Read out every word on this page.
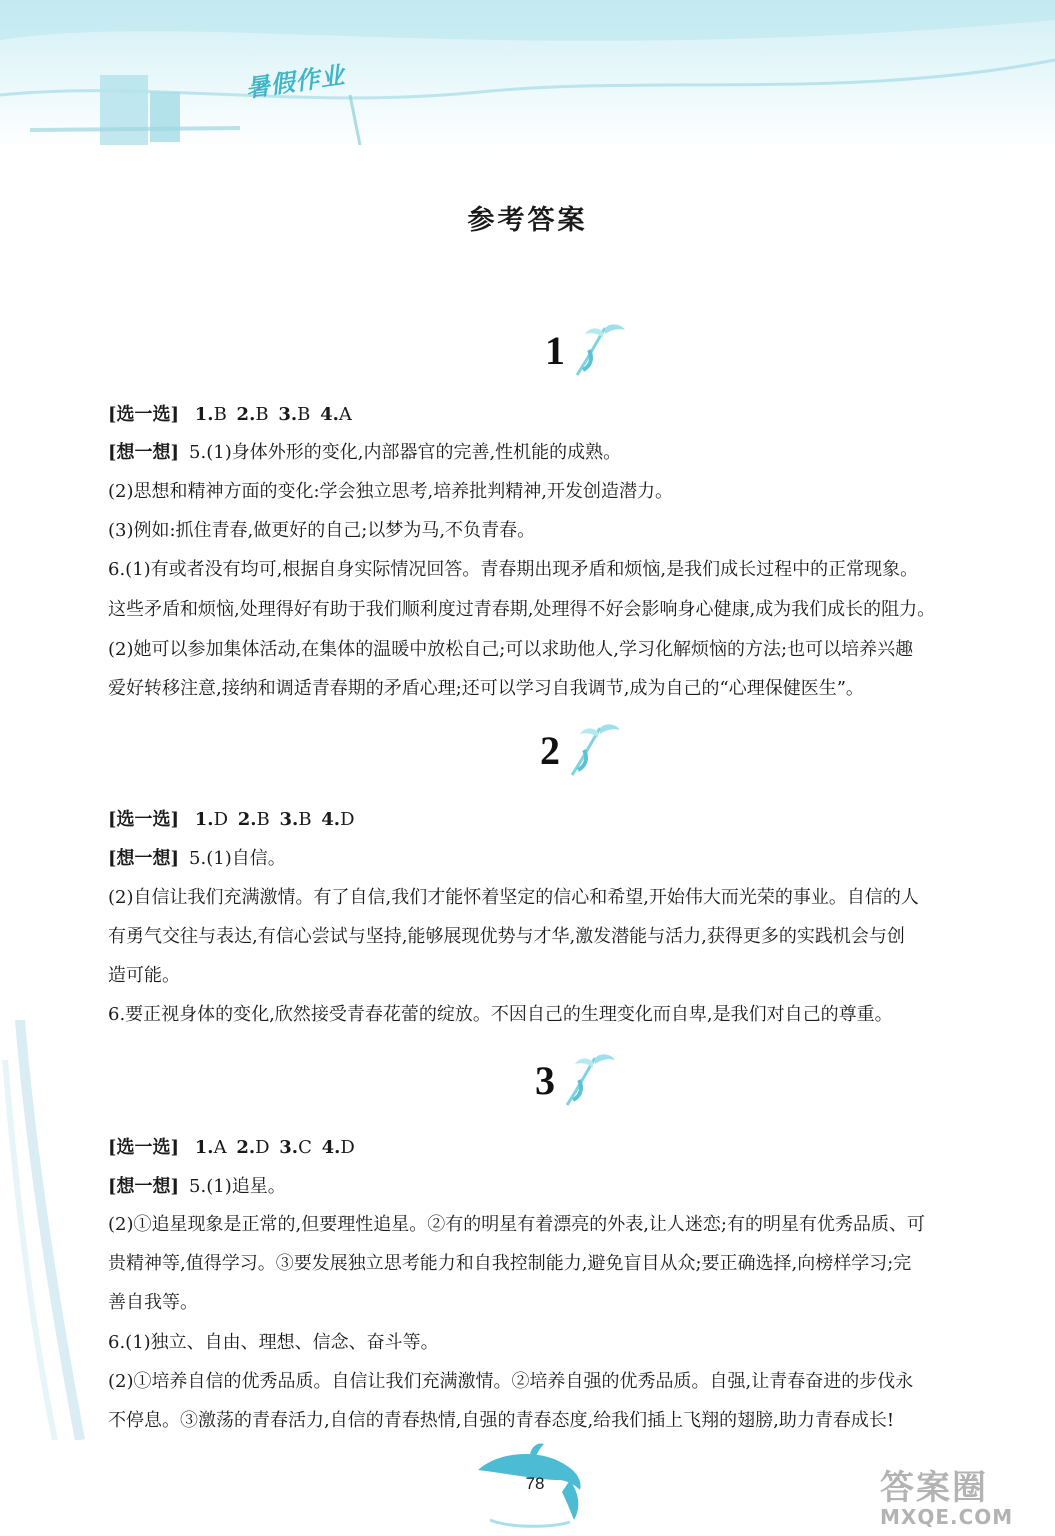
暑假作业
参考答案
1
[选一选] 1.B 2.B 3.B 4.A
[想一想] 5.(1)身体外形的变化,内部器官的完善,性机能的成熟。
(2)思想和精神方面的变化:学会独立思考,培养批判精神,开发创造潜力。
(3)例如:抓住青春,做更好的自己;以梦为马,不负青春。
6.(1)有或者没有均可,根据自身实际情况回答。青春期出现矛盾和烦恼,是我们成长过程中的正常现象。
这些矛盾和烦恼,处理得好有助于我们顺利度过青春期,处理得不好会影响身心健康,成为我们成长的阻力。
(2)她可以参加集体活动,在集体的温暖中放松自己;可以求助他人,学习化解烦恼的方法;也可以培养兴趣
爱好转移注意,接纳和调适青春期的矛盾心理;还可以学习自我调节,成为自己的“心理保健医生”。
2
[选一选] 1.D 2.B 3.B 4.D
[想一想] 5.(1)自信。
(2)自信让我们充满激情。有了自信,我们才能怀着坚定的信心和希望,开始伟大而光荣的事业。自信的人
有勇气交往与表达,有信心尝试与坚持,能够展现优势与才华,激发潜能与活力,获得更多的实践机会与创
造可能。
6.要正视身体的变化,欣然接受青春花蕾的绽放。不因自己的生理变化而自卑,是我们对自己的尊重。
3
[选一选] 1.A 2.D 3.C 4.D
[想一想] 5.(1)追星。
(2)①追星现象是正常的,但要理性追星。②有的明星有着漂亮的外表,让人迷恋;有的明星有优秀品质、可
贵精神等,值得学习。③要发展独立思考能力和自我控制能力,避免盲目从众;要正确选择,向榜样学习;完
善自我等。
6.(1)独立、自由、理想、信念、奋斗等。
(2)①培养自信的优秀品质。自信让我们充满激情。②培养自强的优秀品质。自强,让青春奋进的步伐永
不停息。③激荡的青春活力,自信的青春热情,自强的青春态度,给我们插上飞翔的翅膀,助力青春成长!
78	答案圈
MXQE.COM
